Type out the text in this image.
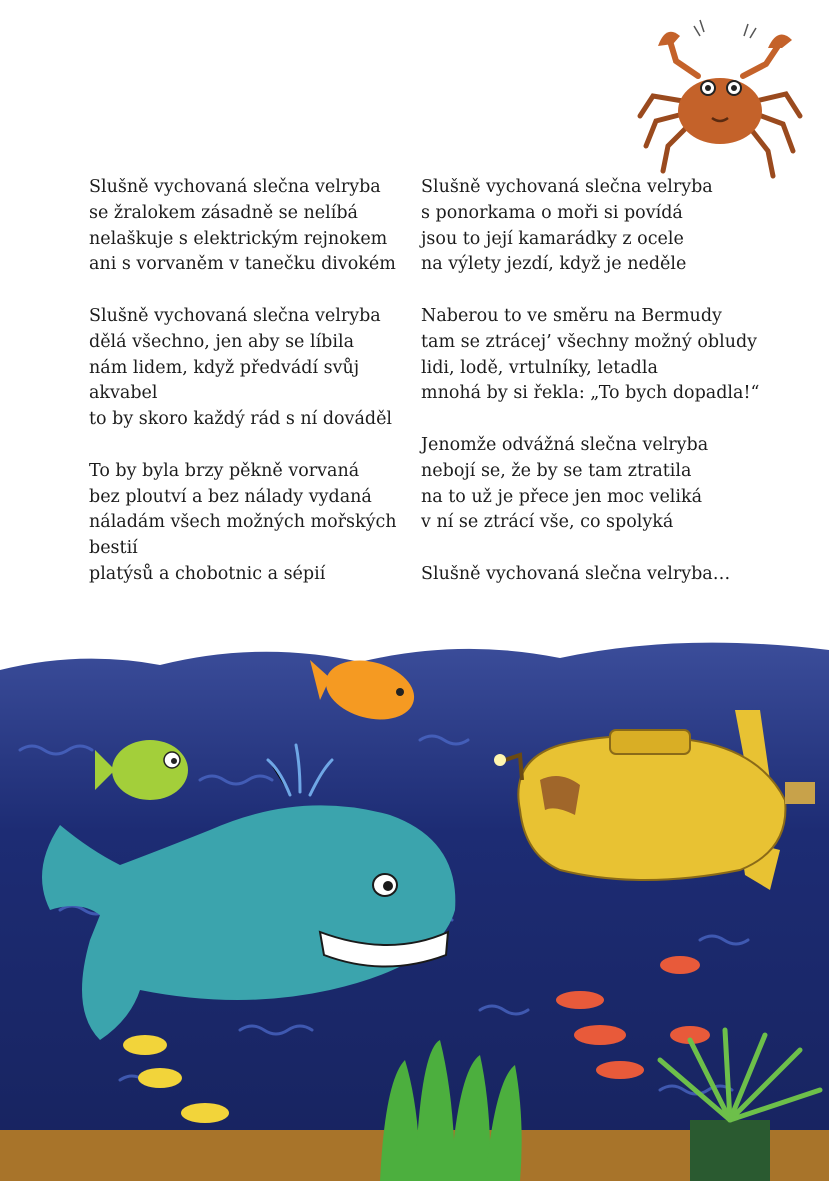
Slušně vychovaná slečna velryba
se žralokem zásadně se nelíbá
nelaškuje s elektrickým rejnokem
ani s vorvaněm v tanečku divokém
Slušně vychovaná slečna velryba
dělá všechno, jen aby se líbila
nám lidem, když předvádí svůj
akvabel
to by skoro každý rád s ní dováděl
To by byla brzy pěkně vorvaná
bez ploutví a bez nálady vydaná
náladám všech možných mořských
bestií
platýsů a chobotnic a sépií
Slušně vychovaná slečna velryba
s ponorkama o moři si povídá
jsou to její kamarádky z ocele
na výlety jezdí, když je neděle
Naberou to ve směru na Bermudy
tam se ztrácej’ všechny možný obludy
lidi, lodě, vrtulníky, letadla
mnohá by si řekla: „To bych dopadla!“
Jenomže odvážná slečna velryba
nebojí se, že by se tam ztratila
na to už je přece jen moc veliká
v ní se ztrácí vše, co spolyká
Slušně vychovaná slečna velryba…
